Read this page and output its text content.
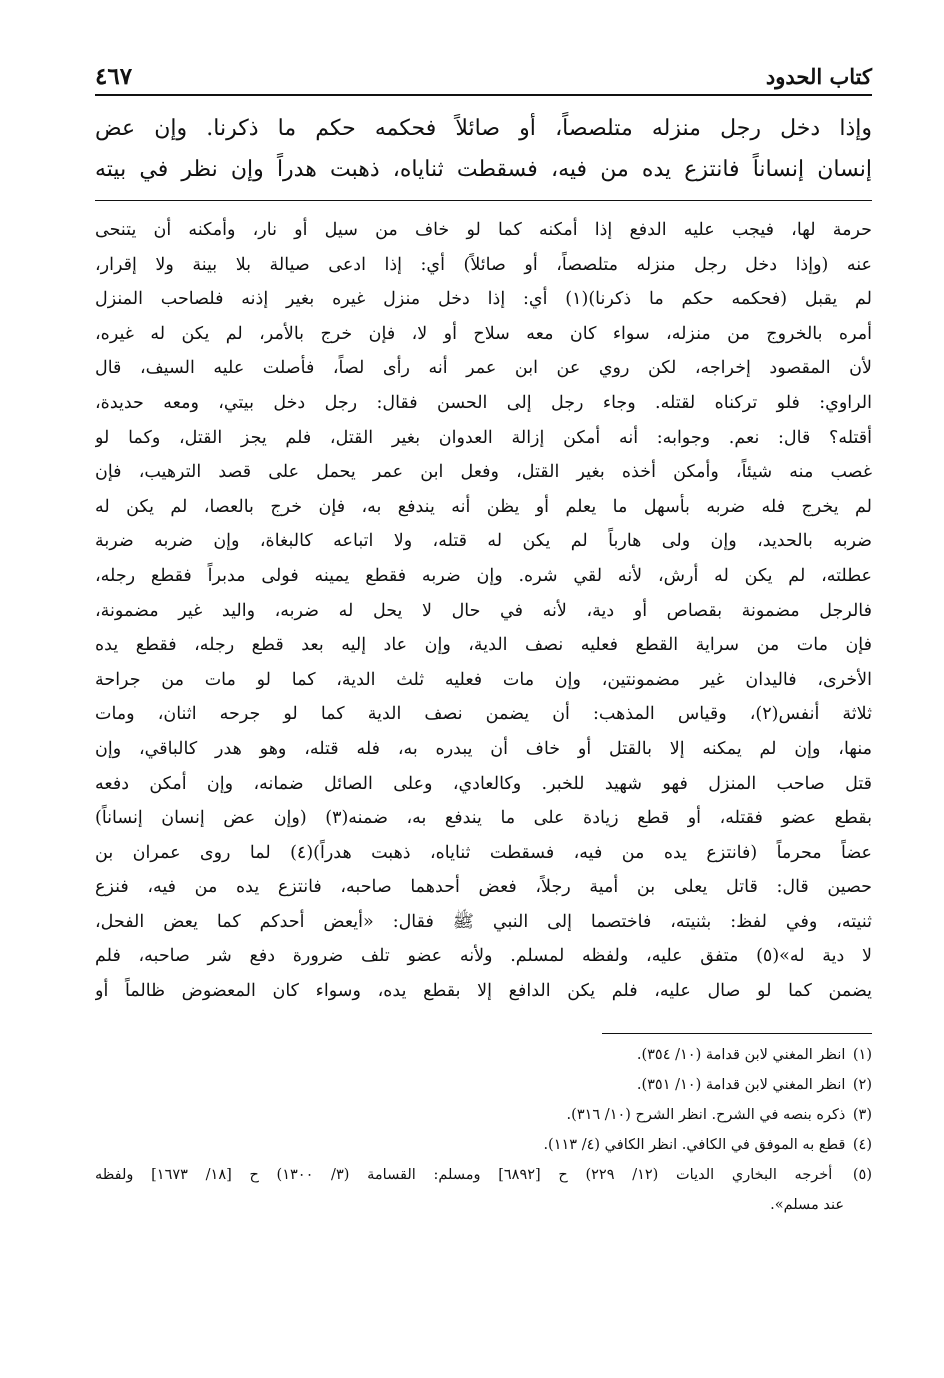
كتاب الحدود
٤٦٧

وإذا دخل رجل منزله متلصصاً، أو صائلاً فحكمه حكم ما ذكرنا. وإن عض

إنسان إنساناً فانتزع يده من فيه، فسقطت ثناياه، ذهبت هدراً وإن نظر في بيته

حرمة لها، فيجب عليه الدفع إذا أمكنه كما لو خاف من سيل أو نار، وأمكنه أن يتنحى

عنه (وإذا دخل رجل منزله متلصصاً، أو صائلاً) أي: إذا ادعى صيالة بلا بينة ولا إقرار،

لم يقبل (فحكمه حكم ما ذكرنا)(١) أي: إذا دخل منزل غيره بغير إذنه فلصاحب المنزل

أمره بالخروج من منزله، سواء كان معه سلاح أو لا، فإن خرج بالأمر، لم يكن له غيره،

لأن المقصود إخراجه، لكن روي عن ابن عمر أنه رأى لصاً، فأصلت عليه السيف، قال

الراوي: فلو تركناه لقتله. وجاء رجل إلى الحسن فقال: رجل دخل بيتي، ومعه حديدة،

أقتله؟ قال: نعم. وجوابه: أنه أمكن إزالة العدوان بغير القتل، فلم يجز القتل، وكما لو

غصب منه شيئاً، وأمكن أخذه بغير القتل، وفعل ابن عمر يحمل على قصد الترهيب، فإن

لم يخرج فله ضربه بأسهل ما يعلم أو يظن أنه يندفع به، فإن خرج بالعصا، لم يكن له

ضربه بالحديد، وإن ولى هارباً لم يكن له قتله، ولا اتباعه كالبغاة، وإن ضربه ضربة

عطلته، لم يكن له أرش، لأنه لقي شره. وإن ضربه فقطع يمينه فولى مدبراً فقطع رجله،

فالرجل مضمونة بقصاص أو دية، لأنه في حال لا يحل له ضربه، واليد غير مضمونة،

فإن مات من سراية القطع فعليه نصف الدية، وإن عاد إليه بعد قطع رجله، فقطع يده

الأخرى، فاليدان غير مضمونتين، وإن مات فعليه ثلث الدية، كما لو مات من جراحة

ثلاثة أنفس(٢)، وقياس المذهب: أن يضمن نصف الدية كما لو جرحه اثنان، ومات

منها، وإن لم يمكنه إلا بالقتل أو خاف أن يبدره به، فله قتله، وهو هدر كالباقي، وإن

قتل صاحب المنزل فهو شهيد للخبر. وكالعادي، وعلى الصائل ضمانه، وإن أمكن دفعه

بقطع عضو فقتله، أو قطع زيادة على ما يندفع به، ضمنه(٣) (وإن عض إنسان إنساناً)

عضاً محرماً (فانتزع يده من فيه، فسقطت ثناياه، ذهبت هدراً)(٤) لما روى عمران بن

حصين قال: قاتل يعلى بن أمية رجلاً، فعض أحدهما صاحبه، فانتزع يده من فيه، فنزع

ثنيته، وفي لفظ: بثنيته، فاختصما إلى النبي ﷺ فقال: «أيعض أحدكم كما يعض الفحل،

لا دية له»(٥) متفق عليه، ولفظه لمسلم. ولأنه عضو تلف ضرورة دفع شر صاحبه، فلم

يضمن كما لو صال عليه، فلم يكن الدافع إلا بقطع يده، وسواء كان المعضوض ظالماً أو

(١) انظر المغني لابن قدامة (١٠/ ٣٥٤).

(٢) انظر المغني لابن قدامة (١٠/ ٣٥١).

(٣) ذكره بنصه في الشرح. انظر الشرح (١٠/ ٣١٦).

(٤) قطع به الموفق في الكافي. انظر الكافي (٤/ ١١٣).

(٥) أخرجه البخاري الديات (١٢/ ٢٢٩) ح [٦٨٩٢] ومسلم: القسامة (٣/ ١٣٠٠) ح [١٨/ ١٦٧٣] ولفظه

عند مسلم».
